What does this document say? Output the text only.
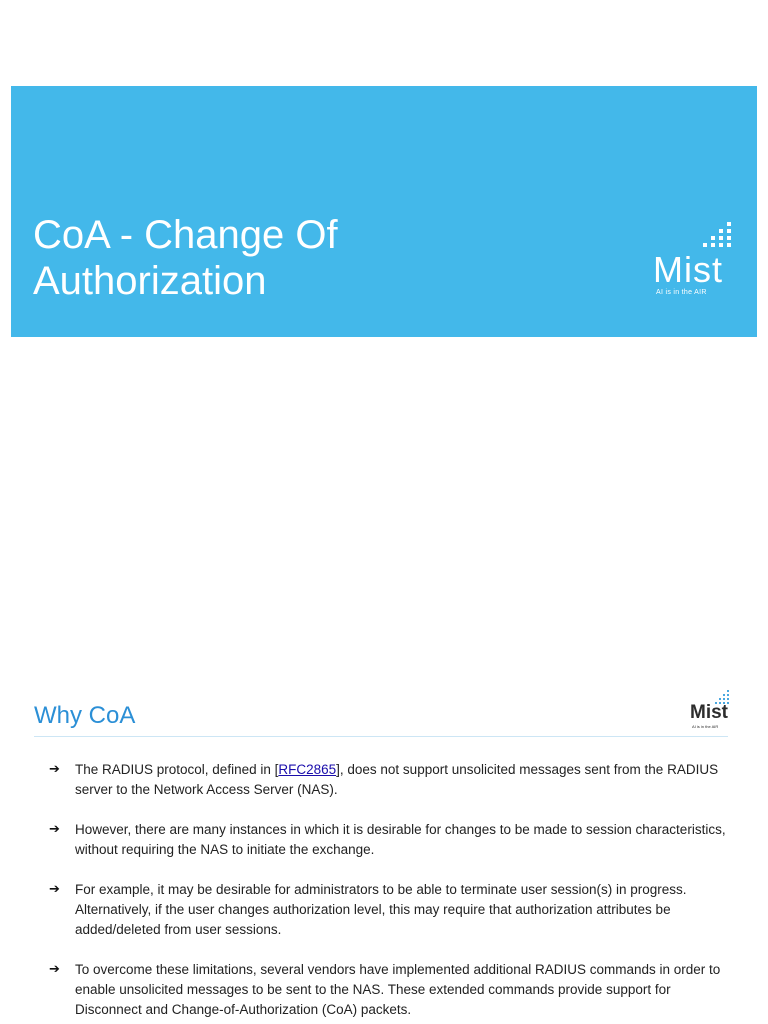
CoA - Change Of
Authorization	Mist
AI is in the AIR
Why CoA	Mist
AI is in the AIR
➔ The RADIUS protocol, defined in [RFC2865], does not support unsolicited messages sent from the RADIUS server to the Network Access Server (NAS).
➔ However, there are many instances in which it is desirable for changes to be made to session characteristics, without requiring the NAS to initiate the exchange.
➔ For example, it may be desirable for administrators to be able to terminate user session(s) in progress. Alternatively, if the user changes authorization level, this may require that authorization attributes be added/deleted from user sessions.
➔ To overcome these limitations, several vendors have implemented additional RADIUS commands in order to enable unsolicited messages to be sent to the NAS. These extended commands provide support for Disconnect and Change-of-Authorization (CoA) packets.
